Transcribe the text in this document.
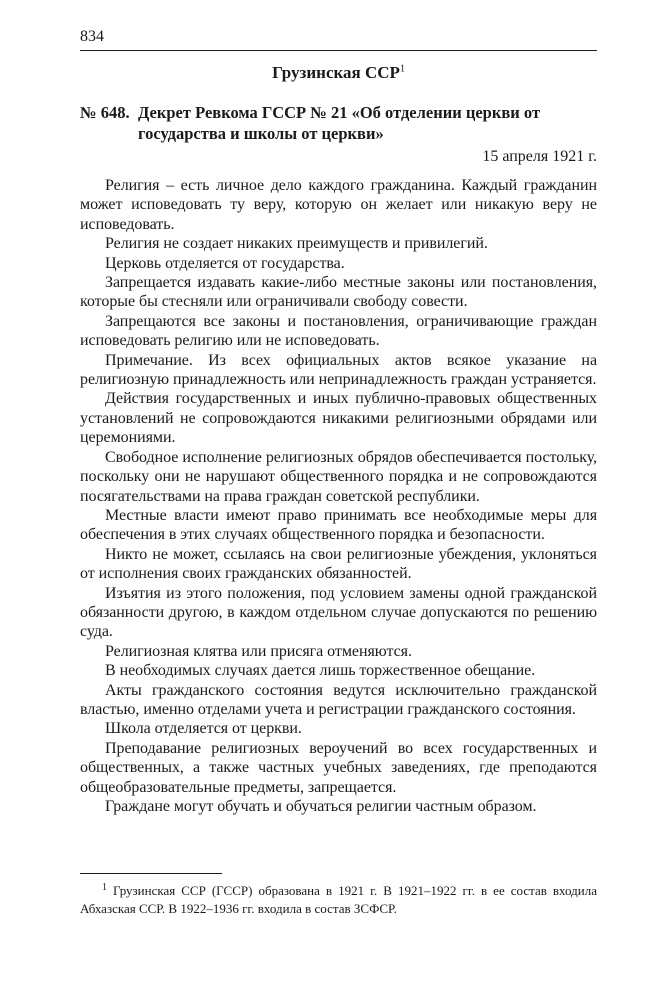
834
Грузинская ССР$^1$
№ 648. Декрет Ревкома ГССР № 21 «Об отделении церкви от
государства и школы от церкви»
15 апреля 1921 г.

Религия – есть личное дело каждого гражданина. Каждый гражданин может исповедовать ту веру, которую он желает или никакую веру не исповедовать.

Религия не создает никаких преимуществ и привилегий.

Церковь отделяется от государства.

Запрещается издавать какие-либо местные законы или постановления, которые бы стесняли или ограничивали свободу совести.

Запрещаются все законы и постановления, ограничивающие граждан исповедовать религию или не исповедовать.

Примечание. Из всех официальных актов всякое указание на религиозную принадлежность или непринадлежность граждан устраняется.

Действия государственных и иных публично-правовых общественных установлений не сопровождаются никакими религиозными обрядами или церемониями.

Свободное исполнение религиозных обрядов обеспечивается постольку, поскольку они не нарушают общественного порядка и не сопровождаются посягательствами на права граждан советской республики.

Местные власти имеют право принимать все необходимые меры для обеспечения в этих случаях общественного порядка и безопасности.

Никто не может, ссылаясь на свои религиозные убеждения, уклоняться от исполнения своих гражданских обязанностей.

Изъятия из этого положения, под условием замены одной гражданской обязанности другою, в каждом отдельном случае допускаются по решению суда.

Религиозная клятва или присяга отменяются.

В необходимых случаях дается лишь торжественное обещание.

Акты гражданского состояния ведутся исключительно гражданской властью, именно отделами учета и регистрации гражданского состояния.

Школа отделяется от церкви.

Преподавание религиозных вероучений во всех государственных и общественных, а также частных учебных заведениях, где преподаются общеобразовательные предметы, запрещается.

Граждане могут обучать и обучаться религии частным образом.

$^1$ Грузинская ССР (ГССР) образована в 1921 г. В 1921–1922 гг. в ее состав входила Абхазская ССР. В 1922–1936 гг. входила в состав ЗСФСР.
